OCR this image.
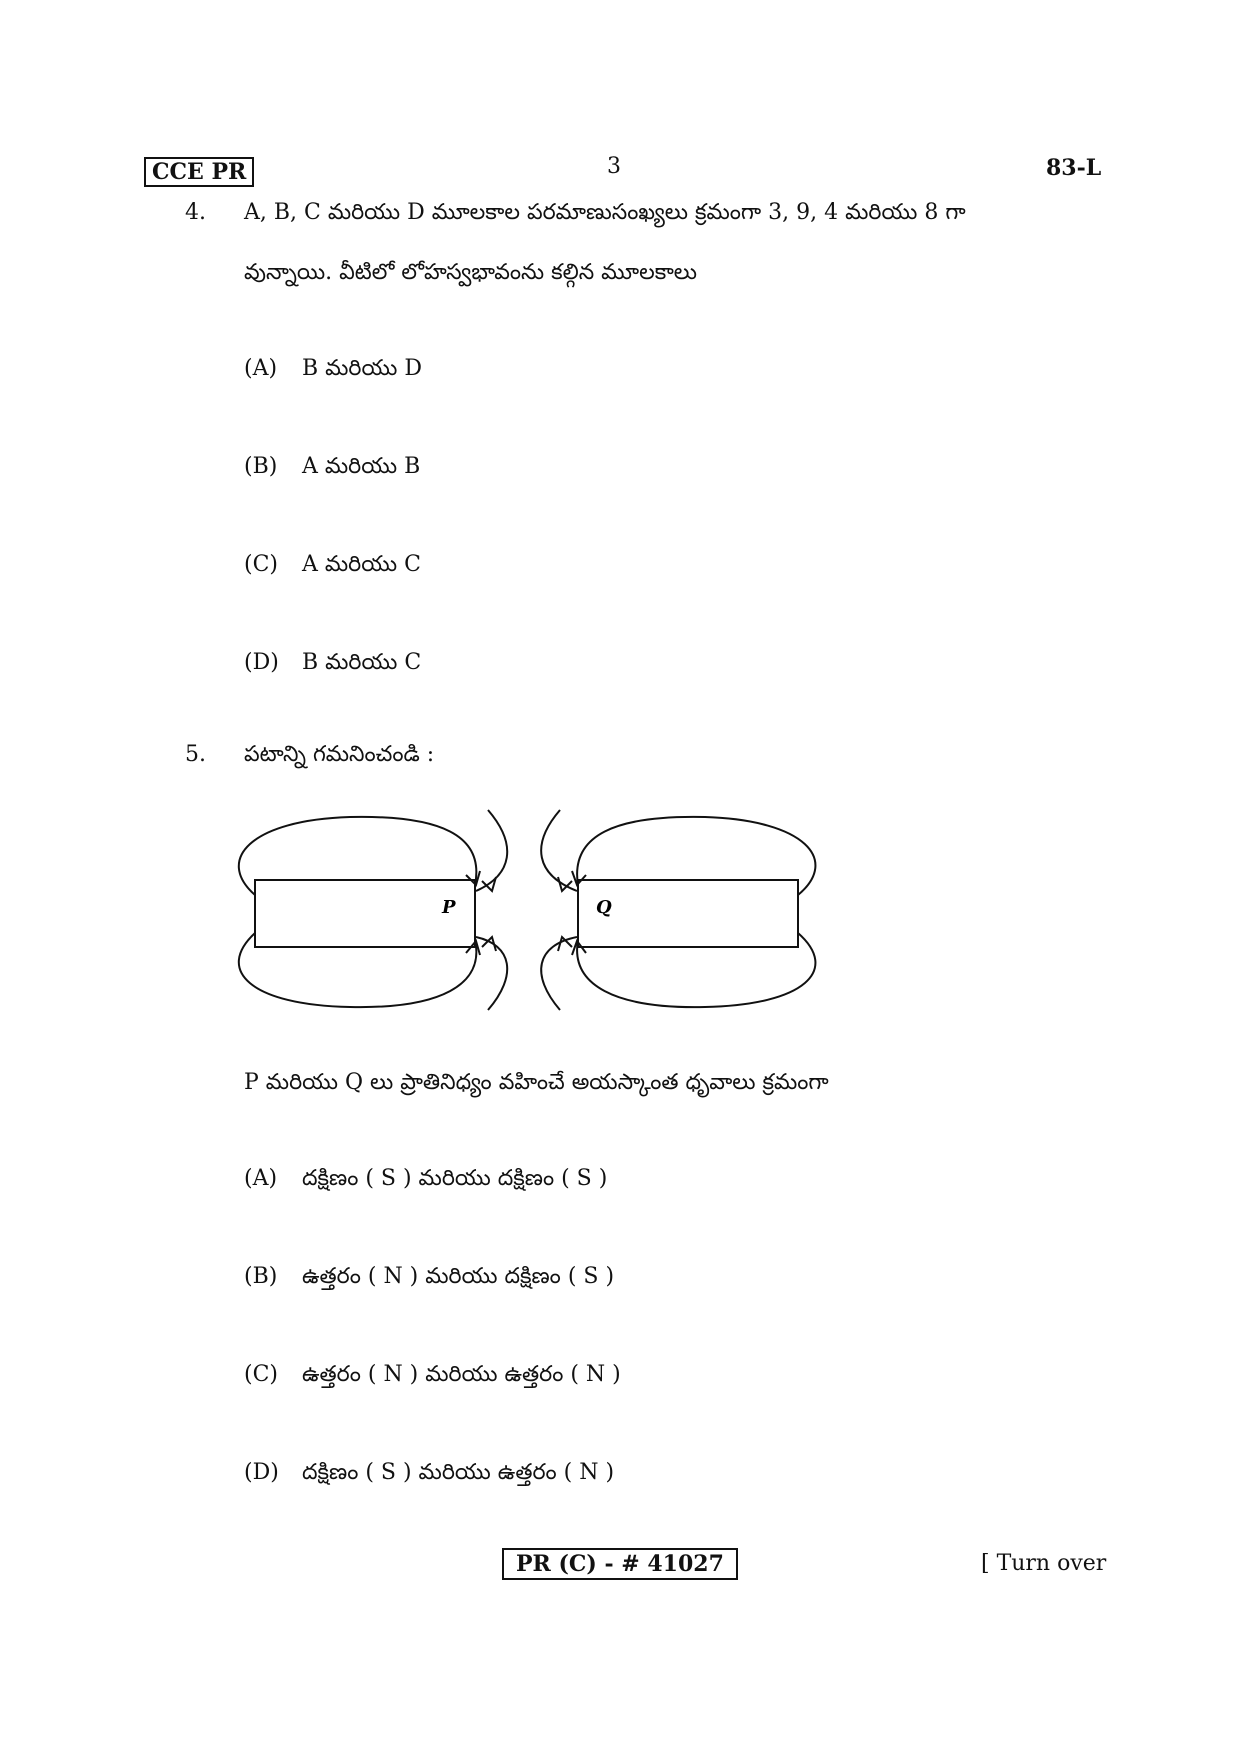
CCE PR	3	83-L
4. A, B, C మరియు D మూలకాల పరమాణుసంఖ్యలు క్రమంగా 3, 9, 4 మరియు 8 గా
వున్నాయి. వీటిలో లోహస్వభావంను కల్గిన మూలకాలు
(A) B మరియు D
(B) A మరియు B
(C) A మరియు C
(D) B మరియు C
5. పటాన్ని గమనించండి :
P	Q
P మరియు Q లు ప్రాతినిధ్యం వహించే అయస్కాంత ధృవాలు క్రమంగా
(A) దక్షిణం ( S ) మరియు దక్షిణం ( S )
(B) ఉత్తరం ( N ) మరియు దక్షిణం ( S )
(C) ఉత్తరం ( N ) మరియు ఉత్తరం ( N )
(D) దక్షిణం ( S ) మరియు ఉత్తరం ( N )
PR (C) - # 41027	[ Turn over
